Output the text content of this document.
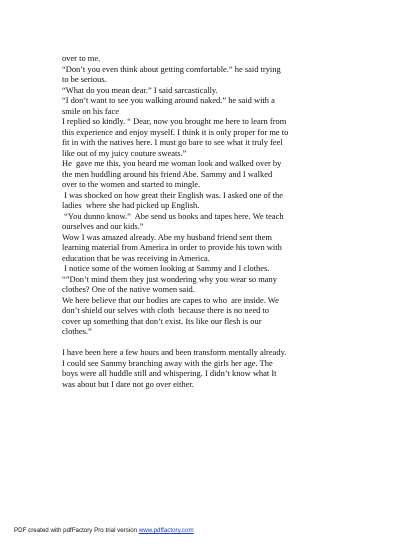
over to me.
“Don’t you even think about getting comfortable.” he said trying
to be serious.
“What do you mean dear.” I said sarcastically.
“I don’t want to see you walking around naked.” he said with a
smile on his face
I replied so kindly. “ Dear, now you brought me here to learn from
this experience and enjoy myself. I think it is only proper for me to
fit in with the natives here. I must go bare to see what it truly feel
like out of my juicy couture sweats.”
He  gave me this, you heard me woman look and walked over by
the men huddling around his friend Abe. Sammy and I walked
over to the women and started to mingle.
I was shocked on how great their English was. I asked one of the
ladies  where she had picked up English.
“You dunno know.”  Abe send us books and tapes here. We teach
ourselves and our kids.”
Wow I was amazed already. Abe my husband friend sent them
learning material from America in order to provide his town with
education that he was receiving in America.
I notice some of the women looking at Sammy and I clothes.
“”Don’t mind them they just wondering why you wear so many
clothes? One of the native women said.
We here believe that our bodies are capes to who  are inside. We
don’t shield our selves with cloth  because there is no need to
cover up something that don’t exist. Its like our flesh is our
clothes.”
I have been here a few hours and been transform mentally already.
I could see Sammy branching away with the girls her age. The
boys were all huddle still and whispering. I didn’t know what It
was about but I dare not go over either.
PDF created with pdfFactory Pro trial version www.pdffactory.com
